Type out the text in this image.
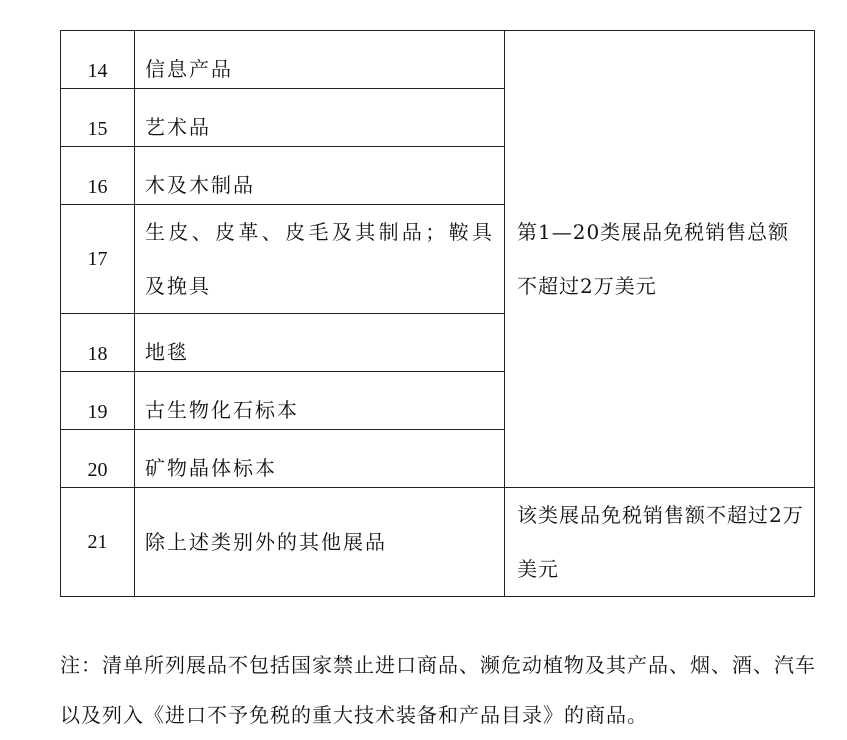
14	信息产品	第1—20类展品免税销售总额不超过2万美元
15	艺术品	
16	木及木制品	
17	生皮、皮革、皮毛及其制品；鞍具及挽具	
18	地毯	
19	古生物化石标本	
20	矿物晶体标本	
21	除上述类别外的其他展品	该类展品免税销售额不超过2万美元
注：清单所列展品不包括国家禁止进口商品、濒危动植物及其产品、烟、酒、汽车以及列入《进口不予免税的重大技术装备和产品目录》的商品。
